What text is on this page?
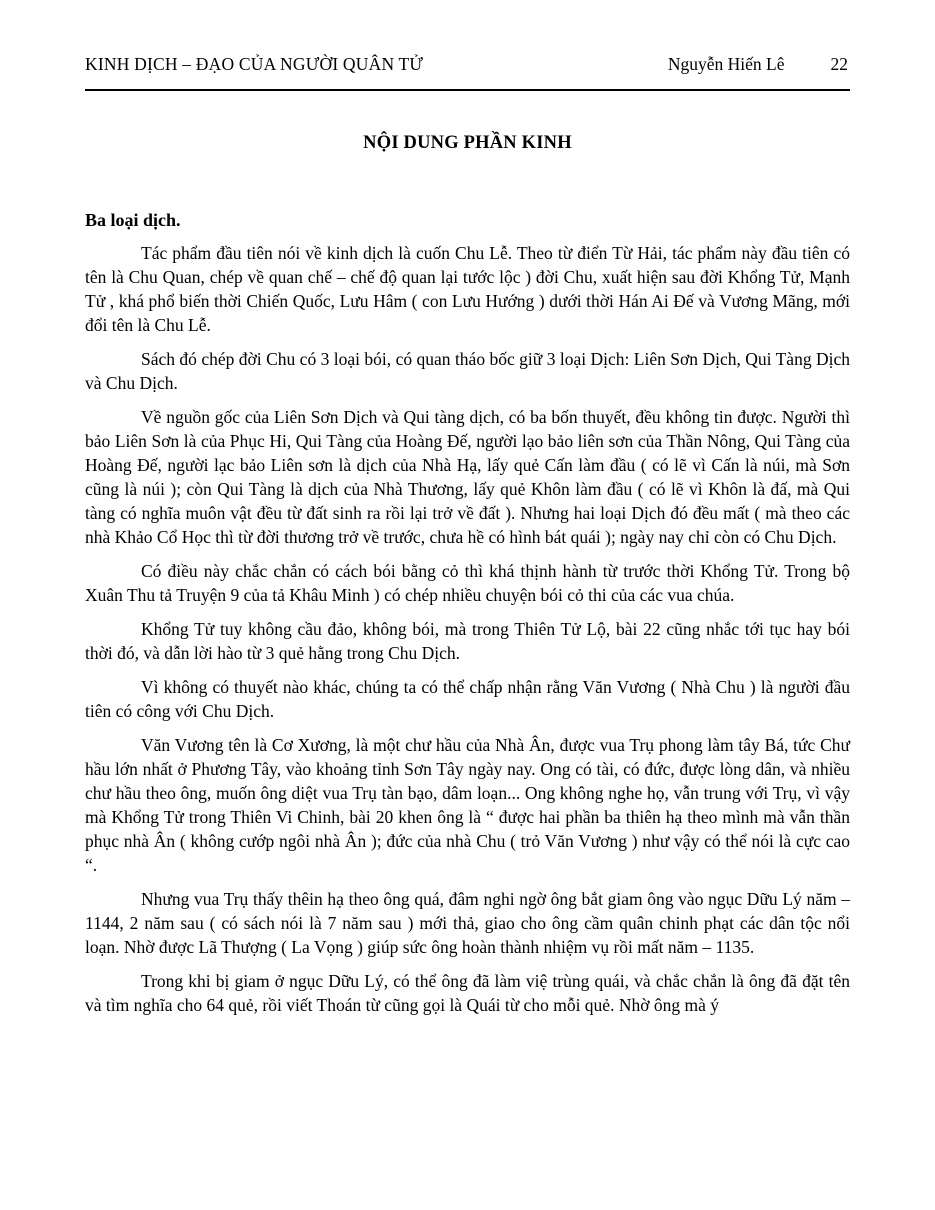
KINH DỊCH – ĐẠO CỦA NGƯỜI QUÂN TỬ	Nguyễn Hiến Lê	22
NỘI DUNG PHẦN KINH
Ba loại dịch.

Tác phẩm đầu tiên nói về kinh dịch là cuốn Chu Lễ. Theo từ điển Từ Hải, tác phẩm này đầu tiên có tên là Chu Quan, chép về quan chế – chế độ quan lại tước lộc ) đời Chu, xuất hiện sau đời Khổng Tử, Mạnh Tử , khá phổ biến thời Chiến Quốc, Lưu Hâm ( con Lưu Hướng ) dưới thời Hán Ai Đế và Vương Mãng, mới đổi tên là Chu Lễ.

Sách đó chép đời Chu có 3 loại bói, có quan tháo bốc giữ 3 loại Dịch: Liên Sơn Dịch, Qui Tàng Dịch và Chu Dịch.

Về nguồn gốc của Liên Sơn Dịch và Qui tàng dịch, có ba bốn thuyết, đều không tin được. Người thì bảo Liên Sơn là của Phục Hi, Qui Tàng của Hoàng Đế, người lạo bảo liên sơn của Thần Nông, Qui Tàng của Hoàng Đế, người lạc bảo Liên sơn là dịch của Nhà Hạ, lấy quẻ Cấn làm đầu ( có lẽ vì Cấn là núi, mà Sơn cũng là núi ); còn Qui Tàng là dịch của Nhà Thương, lấy quẻ Khôn làm đầu ( có lẽ vì Khôn là đấ, mà Qui tàng có nghĩa muôn vật đều từ đất sinh ra rồi lại trở về đất ). Nhưng hai loại Dịch đó đều mất ( mà theo các nhà Khảo Cổ Học thì từ đời thương trở về trước, chưa hề có hình bát quái ); ngày nay chỉ còn có Chu Dịch.

Có điều này chắc chắn có cách bói bằng cỏ thì khá thịnh hành từ trước thời Khổng Tử. Trong bộ Xuân Thu tả Truyện 9 của tả Khâu Minh ) có chép nhiều chuyện bói cỏ thi của các vua chúa.

Khổng Tử tuy không cầu đảo, không bói, mà trong Thiên Tử Lộ, bài 22 cũng nhắc tới tục hay bói thời đó, và dẫn lời hào từ 3 quẻ hằng trong Chu Dịch.

Vì không có thuyết nào khác, chúng ta có thể chấp nhận rằng Văn Vương ( Nhà Chu ) là người đầu tiên có công với Chu Dịch.

Văn Vương tên là Cơ Xương, là một chư hầu của Nhà Ân, được vua Trụ phong làm tây Bá, tức Chư hầu lớn nhất ở Phương Tây, vào khoảng tỉnh Sơn Tây ngày nay. Ong có tài, có đức, được lòng dân, và nhiều chư hầu theo ông, muốn ông diệt vua Trụ tàn bạo, dâm loạn... Ong không nghe họ, vẫn trung với Trụ, vì vậy mà Khổng Tử trong Thiên Vi Chinh, bài 20 khen ông là “ được hai phần ba thiên hạ theo mình mà vẫn thần phục nhà Ân ( không cướp ngôi nhà Ân ); đức của nhà Chu ( trỏ Văn Vương ) như vậy có thể nói là cực cao “.

Nhưng vua Trụ thấy thêin hạ theo ông quá, đâm nghi ngờ ông bắt giam ông vào ngục Dữu Lý năm – 1144, 2 năm sau ( có sách nói là 7 năm sau ) mới thả, giao cho ông cầm quân chinh phạt các dân tộc nổi loạn. Nhờ được Lã Thượng ( La Vọng ) giúp sức ông hoàn thành nhiệm vụ rồi mất năm – 1135.

Trong khi bị giam ở ngục Dữu Lý, có thể ông đã làm việ trùng quái, và chắc chắn là ông đã đặt tên và tìm nghĩa cho 64 quẻ, rồi viết Thoán từ cũng gọi là Quái từ cho mỗi quẻ. Nhờ ông mà ý
